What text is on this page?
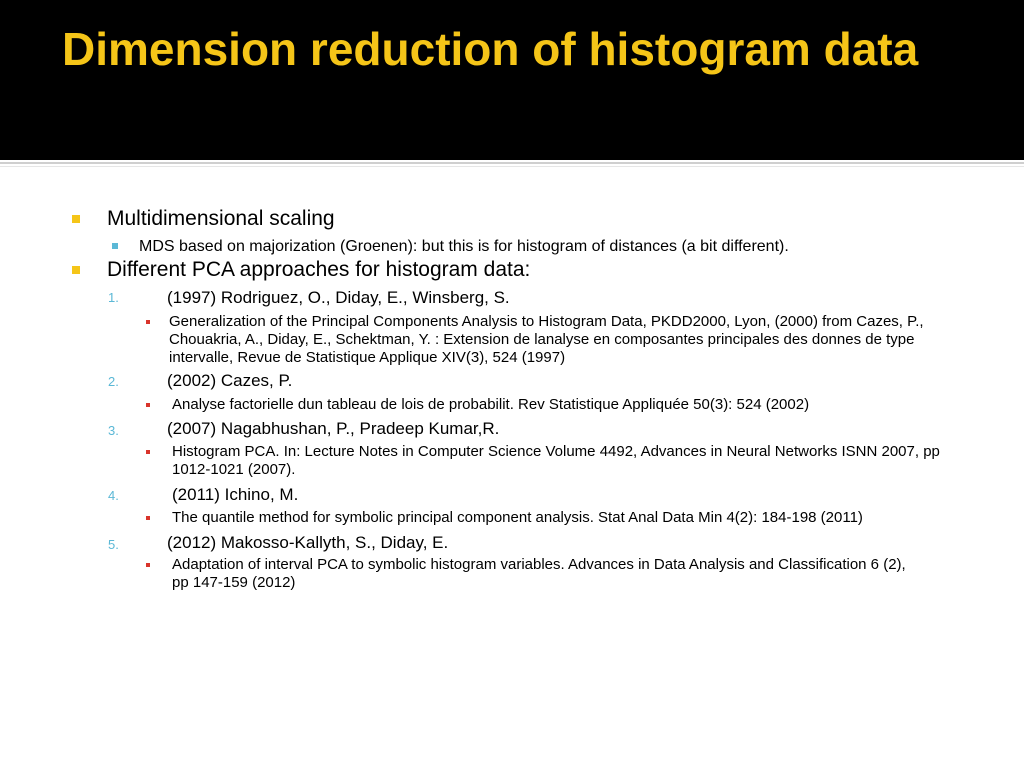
Dimension reduction of histogram data
Multidimensional scaling
MDS based on majorization (Groenen): but this is for histogram of distances (a bit different).
Different PCA approaches for histogram data:
1.	(1997) Rodriguez, O., Diday, E., Winsberg, S.
Generalization of the Principal Components Analysis to Histogram Data, PKDD2000, Lyon, (2000) from Cazes, P., Chouakria, A., Diday, E., Schektman, Y. : Extension de lanalyse en composantes principales des donnes de type intervalle, Revue de Statistique Applique XIV(3), 524 (1997)
2.	(2002) Cazes, P.
Analyse factorielle dun tableau de lois de probabilit. Rev Statistique Appliquée 50(3): 524 (2002)
3.	(2007) Nagabhushan, P., Pradeep Kumar,R.
Histogram PCA. In: Lecture Notes in Computer Science Volume 4492, Advances in Neural Networks ISNN 2007, pp 1012-1021 (2007).
4.	(2011) Ichino, M.
The quantile method for symbolic principal component analysis. Stat Anal Data Min 4(2): 184-198 (2011)
5.	(2012) Makosso-Kallyth, S., Diday, E.
Adaptation of interval PCA to symbolic histogram variables. Advances in Data Analysis and Classification 6 (2), pp 147-159 (2012)
